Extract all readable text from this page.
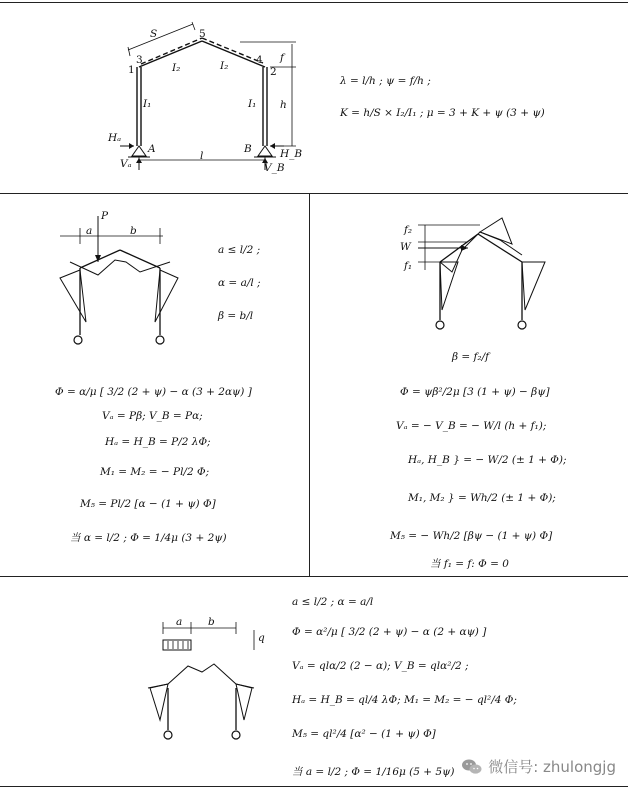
S	5
3	4
1	2
I₂	I₂
I₁	I₁
f
h
Hₐ
A	B	H_B
Vₐ
l
V_B
λ = l/h ; ψ = f/h ;
K = h/S × I₂/I₁ ; μ = 3 + K + ψ (3 + ψ)
P
a	b
a ≤ l/2 ;
α = a/l ;
β = b/l
Φ = α/μ [ 3/2 (2 + ψ) − α (3 + 2αψ) ]
Vₐ = Pβ; V_B = Pα;
Hₐ = H_B = P/2 λΦ;
M₁ = M₂ = − Pl/2 Φ;
M₅ = Pl/2 [α − (1 + ψ) Φ]
当 α = l/2 ; Φ = 1/4μ (3 + 2ψ)
f₂
W
f₁
β = f₂/f
Φ = ψβ²/2μ [3 (1 + ψ) − βψ]
Vₐ = − V_B = − W/l (h + f₁);
Hₐ, H_B } = − W/2 (± 1 + Φ);
M₁, M₂ } = Wh/2 (± 1 + Φ);
M₅ = − Wh/2 [βψ − (1 + ψ) Φ]
当 f₁ = f: Φ = 0
a b
q
a ≤ l/2 ; α = a/l
Φ = α²/μ [ 3/2 (2 + ψ) − α (2 + αψ) ]
Vₐ = qlα/2 (2 − α); V_B = qlα²/2 ;
Hₐ = H_B = ql/4 λΦ; M₁ = M₂ = − ql²/4 Φ;
M₅ = ql²/4 [α² − (1 + ψ) Φ]
当 a = l/2 ; Φ = 1/16μ (5 + 5ψ) 微信号: zhulongjg
